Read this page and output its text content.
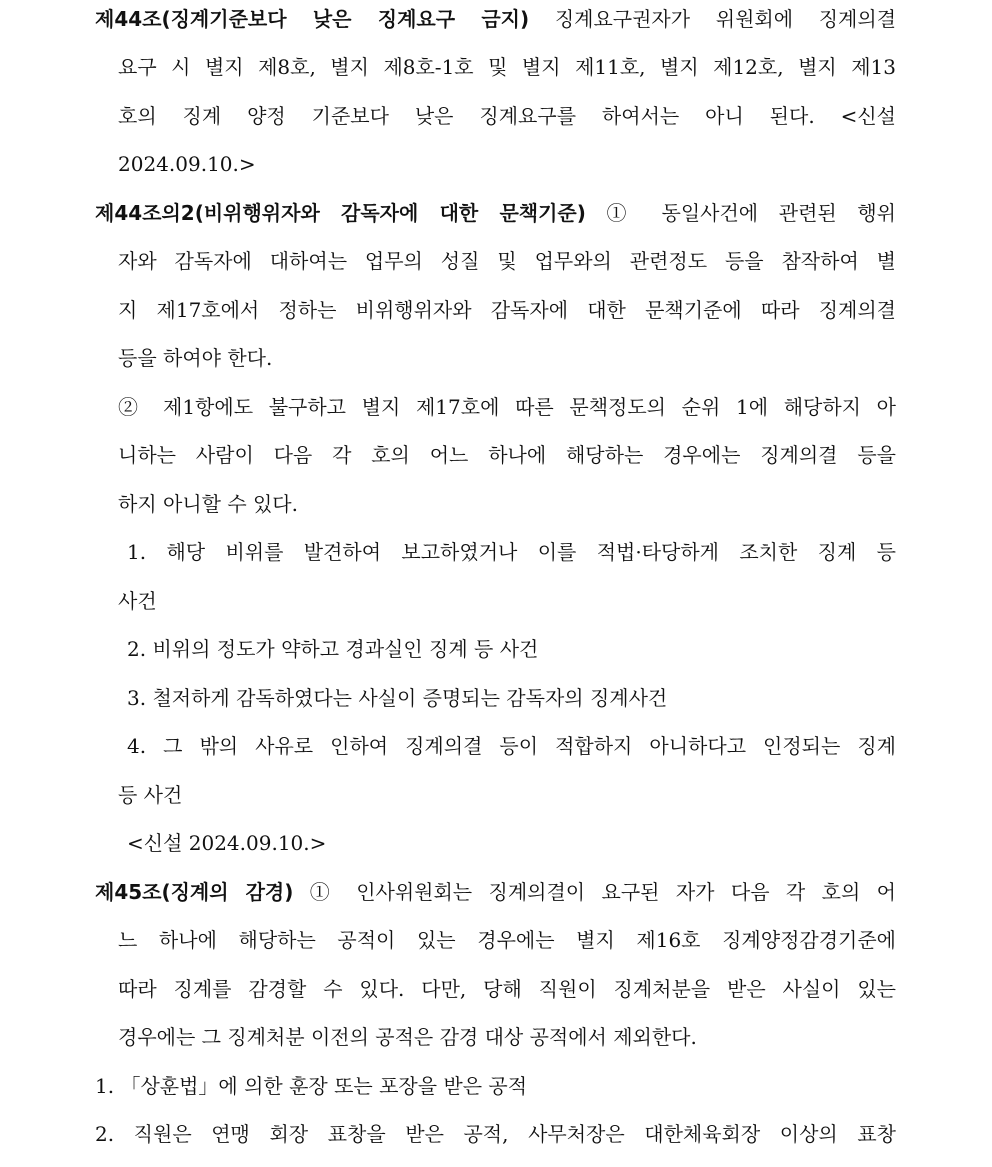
제44조(징계기준보다 낮은 징계요구 금지) 징계요구권자가 위원회에 징계의결
요구 시 별지 제8호, 별지 제8호-1호 및 별지 제11호, 별지 제12호, 별지 제13
호의 징계 양정 기준보다 낮은 징계요구를 하여서는 아니 된다. <신설
2024.09.10.>
제44조의2(비위행위자와 감독자에 대한 문책기준) ① 동일사건에 관련된 행위
자와 감독자에 대하여는 업무의 성질 및 업무와의 관련정도 등을 참작하여 별
지 제17호에서 정하는 비위행위자와 감독자에 대한 문책기준에 따라 징계의결
등을 하여야 한다.
② 제1항에도 불구하고 별지 제17호에 따른 문책정도의 순위 1에 해당하지 아
니하는 사람이 다음 각 호의 어느 하나에 해당하는 경우에는 징계의결 등을
하지 아니할 수 있다.
1. 해당 비위를 발견하여 보고하였거나 이를 적법·타당하게 조치한 징계 등
사건
2. 비위의 정도가 약하고 경과실인 징계 등 사건
3. 철저하게 감독하였다는 사실이 증명되는 감독자의 징계사건
4. 그 밖의 사유로 인하여 징계의결 등이 적합하지 아니하다고 인정되는 징계
등 사건
<신설 2024.09.10.>
제45조(징계의 감경) ① 인사위원회는 징계의결이 요구된 자가 다음 각 호의 어
느 하나에 해당하는 공적이 있는 경우에는 별지 제16호 징계양정감경기준에
따라 징계를 감경할 수 있다. 다만, 당해 직원이 징계처분을 받은 사실이 있는
경우에는 그 징계처분 이전의 공적은 감경 대상 공적에서 제외한다.
1. 「상훈법」에 의한 훈장 또는 포장을 받은 공적
2. 직원은 연맹 회장 표창을 받은 공적, 사무처장은 대한체육회장 이상의 표창
